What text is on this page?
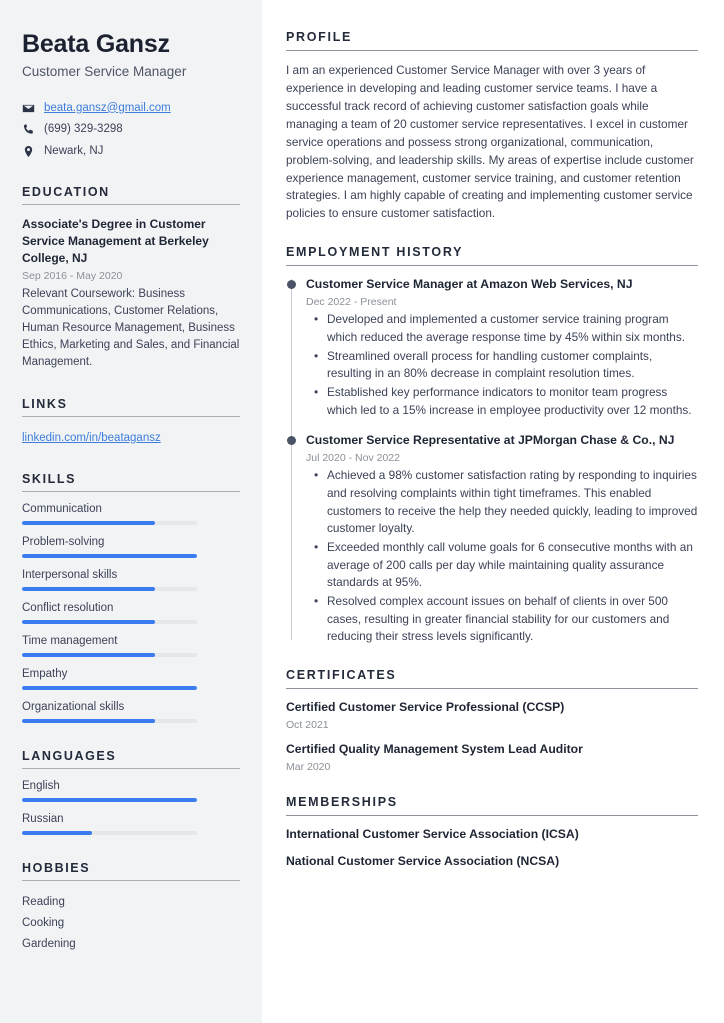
Beata Gansz
Customer Service Manager
beata.gansz@gmail.com
(699) 329-3298
Newark, NJ
EDUCATION
Associate's Degree in Customer Service Management at Berkeley College, NJ
Sep 2016 - May 2020
Relevant Coursework: Business Communications, Customer Relations, Human Resource Management, Business Ethics, Marketing and Sales, and Financial Management.
LINKS
linkedin.com/in/beatagansz
SKILLS
Communication
Problem-solving
Interpersonal skills
Conflict resolution
Time management
Empathy
Organizational skills
LANGUAGES
English
Russian
HOBBIES
Reading
Cooking
Gardening
PROFILE

I am an experienced Customer Service Manager with over 3 years of experience in developing and leading customer service teams. I have a successful track record of achieving customer satisfaction goals while managing a team of 20 customer service representatives. I excel in customer service operations and possess strong organizational, communication, problem-solving, and leadership skills. My areas of expertise include customer experience management, customer service training, and customer retention strategies. I am highly capable of creating and implementing customer service policies to ensure customer satisfaction.

EMPLOYMENT HISTORY
Customer Service Manager at Amazon Web Services, NJ
Dec 2022 - Present
• Developed and implemented a customer service training program which reduced the average response time by 45% within six months.
• Streamlined overall process for handling customer complaints, resulting in an 80% decrease in complaint resolution times.
• Established key performance indicators to monitor team progress which led to a 15% increase in employee productivity over 12 months.
Customer Service Representative at JPMorgan Chase & Co., NJ
Jul 2020 - Nov 2022
• Achieved a 98% customer satisfaction rating by responding to inquiries and resolving complaints within tight timeframes. This enabled customers to receive the help they needed quickly, leading to improved customer loyalty.
• Exceeded monthly call volume goals for 6 consecutive months with an average of 200 calls per day while maintaining quality assurance standards at 95%.
• Resolved complex account issues on behalf of clients in over 500 cases, resulting in greater financial stability for our customers and reducing their stress levels significantly.
CERTIFICATES
Certified Customer Service Professional (CCSP)
Oct 2021
Certified Quality Management System Lead Auditor
Mar 2020
MEMBERSHIPS
International Customer Service Association (ICSA)
National Customer Service Association (NCSA)
